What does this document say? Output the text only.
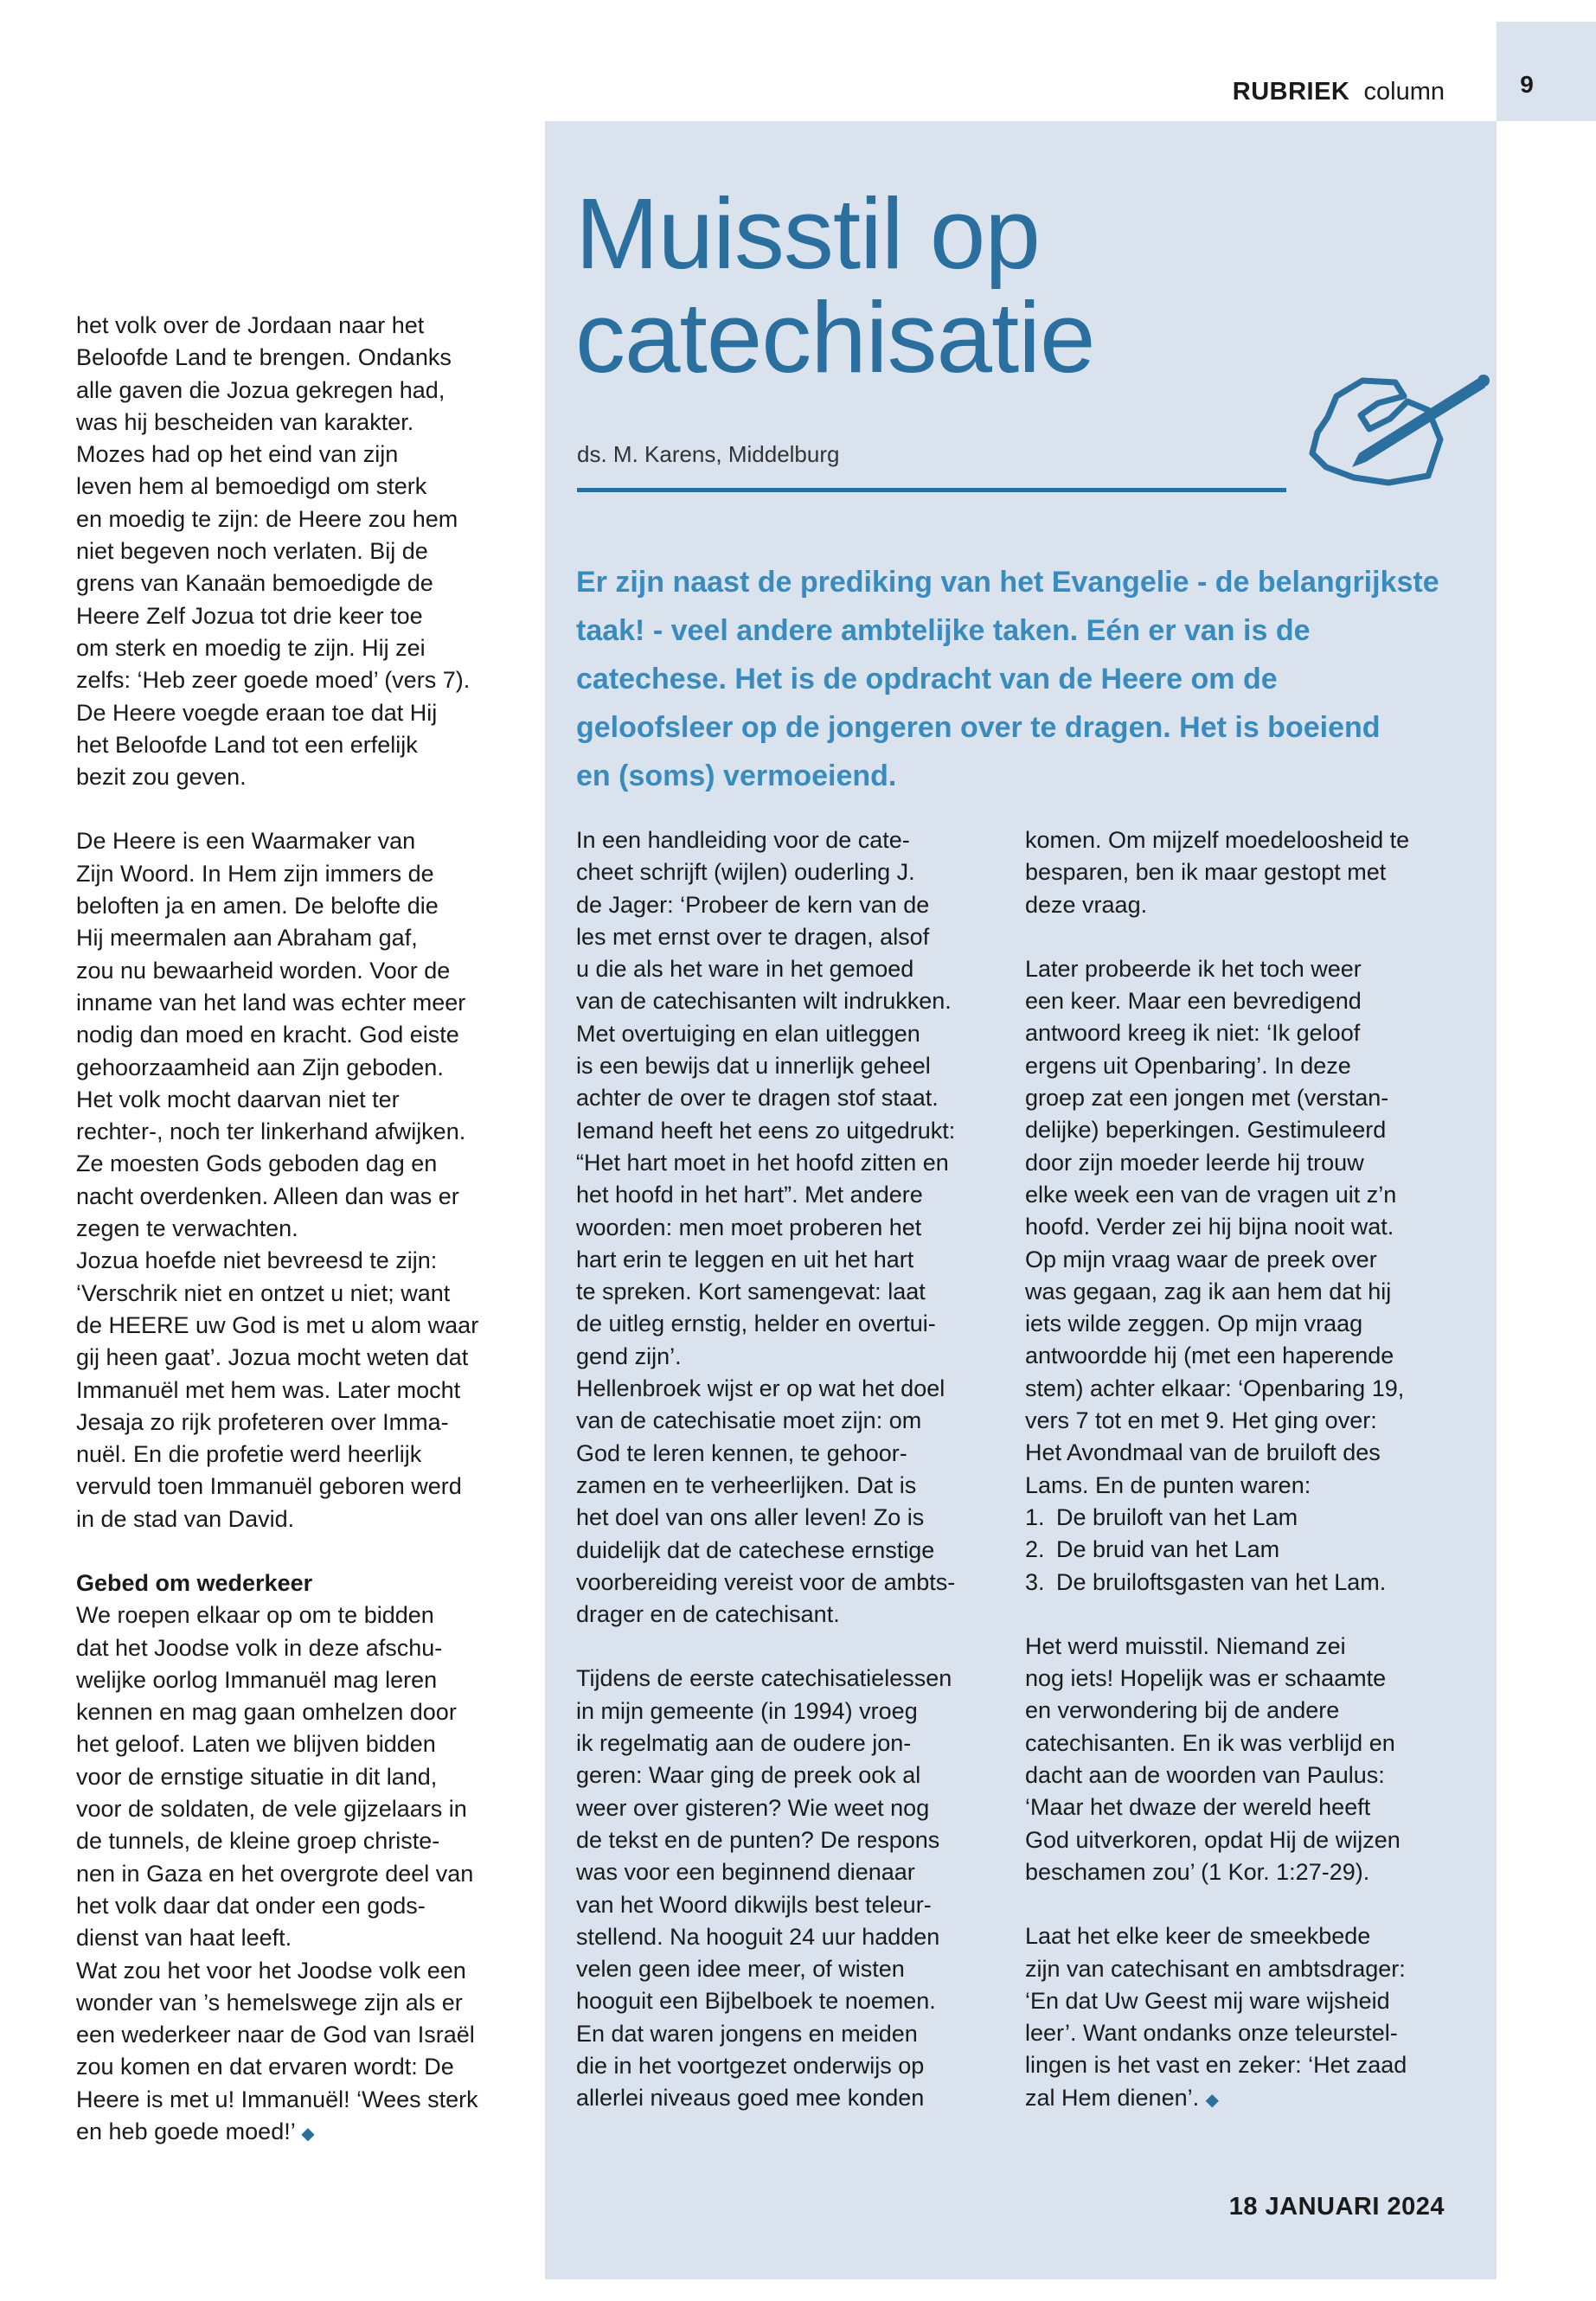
9
RUBRIEK column
Muisstil op
catechisatie
ds. M. Karens, Middelburg

Er zijn naast de prediking van het Evangelie - de belangrijkste
taak! - veel andere ambtelijke taken. Eén er van is de
catechese. Het is de opdracht van de Heere om de
geloofsleer op de jongeren over te dragen. Het is boeiend
en (soms) vermoeiend.

het volk over de Jordaan naar het
Beloofde Land te brengen. Ondanks
alle gaven die Jozua gekregen had,
was hij bescheiden van karakter.
Mozes had op het eind van zijn
leven hem al bemoedigd om sterk
en moedig te zijn: de Heere zou hem
niet begeven noch verlaten. Bij de
grens van Kanaän bemoedigde de
Heere Zelf Jozua tot drie keer toe
om sterk en moedig te zijn. Hij zei
zelfs: ‘Heb zeer goede moed’ (vers 7).
De Heere voegde eraan toe dat Hij
het Beloofde Land tot een erfelijk
bezit zou geven.

De Heere is een Waarmaker van
Zijn Woord. In Hem zijn immers de
beloften ja en amen. De belofte die
Hij meermalen aan Abraham gaf,
zou nu bewaarheid worden. Voor de
inname van het land was echter meer
nodig dan moed en kracht. God eiste
gehoorzaamheid aan Zijn geboden.
Het volk mocht daarvan niet ter
rechter-, noch ter linkerhand afwijken.
Ze moesten Gods geboden dag en
nacht overdenken. Alleen dan was er
zegen te verwachten.
Jozua hoefde niet bevreesd te zijn:
‘Verschrik niet en ontzet u niet; want
de HEERE uw God is met u alom waar
gij heen gaat’. Jozua mocht weten dat
Immanuël met hem was. Later mocht
Jesaja zo rijk profeteren over Imma-
nuël. En die profetie werd heerlijk
vervuld toen Immanuël geboren werd
in de stad van David.

Gebed om wederkeer

We roepen elkaar op om te bidden
dat het Joodse volk in deze afschu-
welijke oorlog Immanuël mag leren
kennen en mag gaan omhelzen door
het geloof. Laten we blijven bidden
voor de ernstige situatie in dit land,
voor de soldaten, de vele gijzelaars in
de tunnels, de kleine groep christe-
nen in Gaza en het overgrote deel van
het volk daar dat onder een gods-
dienst van haat leeft.
Wat zou het voor het Joodse volk een
wonder van ’s hemelswege zijn als er
een wederkeer naar de God van Israël
zou komen en dat ervaren wordt: De
Heere is met u! Immanuël! ‘Wees sterk
en heb goede moed!’ ◆

In een handleiding voor de cate-
cheet schrijft (wijlen) ouderling J.
de Jager: ‘Probeer de kern van de
les met ernst over te dragen, alsof
u die als het ware in het gemoed
van de catechisanten wilt indrukken.
Met overtuiging en elan uitleggen
is een bewijs dat u innerlijk geheel
achter de over te dragen stof staat.
Iemand heeft het eens zo uitgedrukt:
“Het hart moet in het hoofd zitten en
het hoofd in het hart”. Met andere
woorden: men moet proberen het
hart erin te leggen en uit het hart
te spreken. Kort samengevat: laat
de uitleg ernstig, helder en overtui-
gend zijn’.
Hellenbroek wijst er op wat het doel
van de catechisatie moet zijn: om
God te leren kennen, te gehoor-
zamen en te verheerlijken. Dat is
het doel van ons aller leven! Zo is
duidelijk dat de catechese ernstige
voorbereiding vereist voor de ambts-
drager en de catechisant.

Tijdens de eerste catechisatielessen
in mijn gemeente (in 1994) vroeg
ik regelmatig aan de oudere jon-
geren: Waar ging de preek ook al
weer over gisteren? Wie weet nog
de tekst en de punten? De respons
was voor een beginnend dienaar
van het Woord dikwijls best teleur-
stellend. Na hooguit 24 uur hadden
velen geen idee meer, of wisten
hooguit een Bijbelboek te noemen.
En dat waren jongens en meiden
die in het voortgezet onderwijs op
allerlei niveaus goed mee konden

komen. Om mijzelf moedeloosheid te
besparen, ben ik maar gestopt met
deze vraag.

Later probeerde ik het toch weer
een keer. Maar een bevredigend
antwoord kreeg ik niet: ‘Ik geloof
ergens uit Openbaring’. In deze
groep zat een jongen met (verstan-
delijke) beperkingen. Gestimuleerd
door zijn moeder leerde hij trouw
elke week een van de vragen uit z’n
hoofd. Verder zei hij bijna nooit wat.
Op mijn vraag waar de preek over
was gegaan, zag ik aan hem dat hij
iets wilde zeggen. Op mijn vraag
antwoordde hij (met een haperende
stem) achter elkaar: ‘Openbaring 19,
vers 7 tot en met 9. Het ging over:
Het Avondmaal van de bruiloft des
Lams. En de punten waren:

1. De bruiloft van het Lam
2. De bruid van het Lam
3. De bruiloftsgasten van het Lam.

Het werd muisstil. Niemand zei
nog iets! Hopelijk was er schaamte
en verwondering bij de andere
catechisanten. En ik was verblijd en
dacht aan de woorden van Paulus:
‘Maar het dwaze der wereld heeft
God uitverkoren, opdat Hij de wijzen
beschamen zou’ (1 Kor. 1:27-29).

Laat het elke keer de smeekbede
zijn van catechisant en ambtsdrager:
‘En dat Uw Geest mij ware wijsheid
leer’. Want ondanks onze teleurstel-
lingen is het vast en zeker: ‘Het zaad
zal Hem dienen’. ◆

18 JANUARI 2024
